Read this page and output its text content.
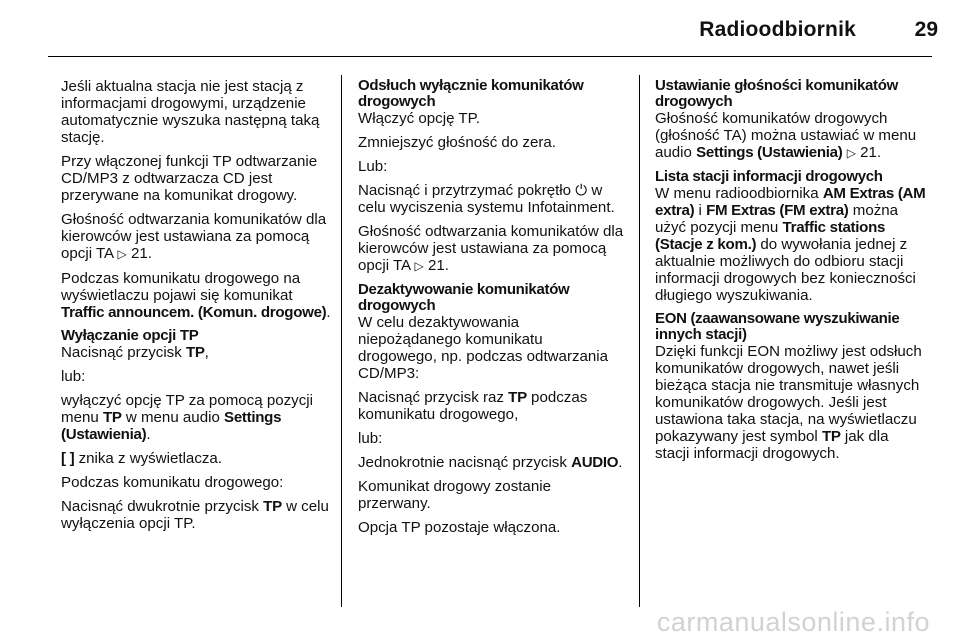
Radioodbiornik	29

Jeśli aktualna stacja nie jest stacją z informacjami drogowymi, urządzenie automatycznie wyszuka następną taką stację.

Przy włączonej funkcji TP odtwarzanie CD/MP3 z odtwarzacza CD jest przerywane na komunikat drogowy.

Głośność odtwarzania komunikatów dla kierowców jest ustawiana za pomocą opcji TA ▷ 21.

Podczas komunikatu drogowego na wyświetlaczu pojawi się komunikat Traffic announcem. (Komun. drogowe).

Wyłączanie opcji TP

Nacisnąć przycisk TP,

lub:

wyłączyć opcję TP za pomocą pozycji menu TP w menu audio Settings (Ustawienia).

[ ] znika z wyświetlacza.

Podczas komunikatu drogowego:

Nacisnąć dwukrotnie przycisk TP w celu wyłączenia opcji TP.

Odsłuch wyłącznie komunikatów drogowych

Włączyć opcję TP.

Zmniejszyć głośność do zera.

Lub:

Nacisnąć i przytrzymać pokrętło ⏻ w celu wyciszenia systemu Infotainment.

Głośność odtwarzania komunikatów dla kierowców jest ustawiana za pomocą opcji TA ▷ 21.

Dezaktywowanie komunikatów drogowych

W celu dezaktywowania niepożądanego komunikatu drogowego, np. podczas odtwarzania CD/MP3:

Nacisnąć przycisk raz TP podczas komunikatu drogowego,

lub:

Jednokrotnie nacisnąć przycisk AUDIO.

Komunikat drogowy zostanie przerwany.

Opcja TP pozostaje włączona.

Ustawianie głośności komunikatów drogowych

Głośność komunikatów drogowych (głośność TA) można ustawiać w menu audio Settings (Ustawienia) ▷ 21.

Lista stacji informacji drogowych

W menu radioodbiornika AM Extras (AM extra) i FM Extras (FM extra) można użyć pozycji menu Traffic stations (Stacje z kom.) do wywołania jednej z aktualnie możliwych do odbioru stacji informacji drogowych bez konieczności długiego wyszukiwania.

EON (zaawansowane wyszukiwanie innych stacji)

Dzięki funkcji EON możliwy jest odsłuch komunikatów drogowych, nawet jeśli bieżąca stacja nie transmituje własnych komunikatów drogowych. Jeśli jest ustawiona taka stacja, na wyświetlaczu pokazywany jest symbol TP jak dla stacji informacji drogowych.

carmanualsonline.info
